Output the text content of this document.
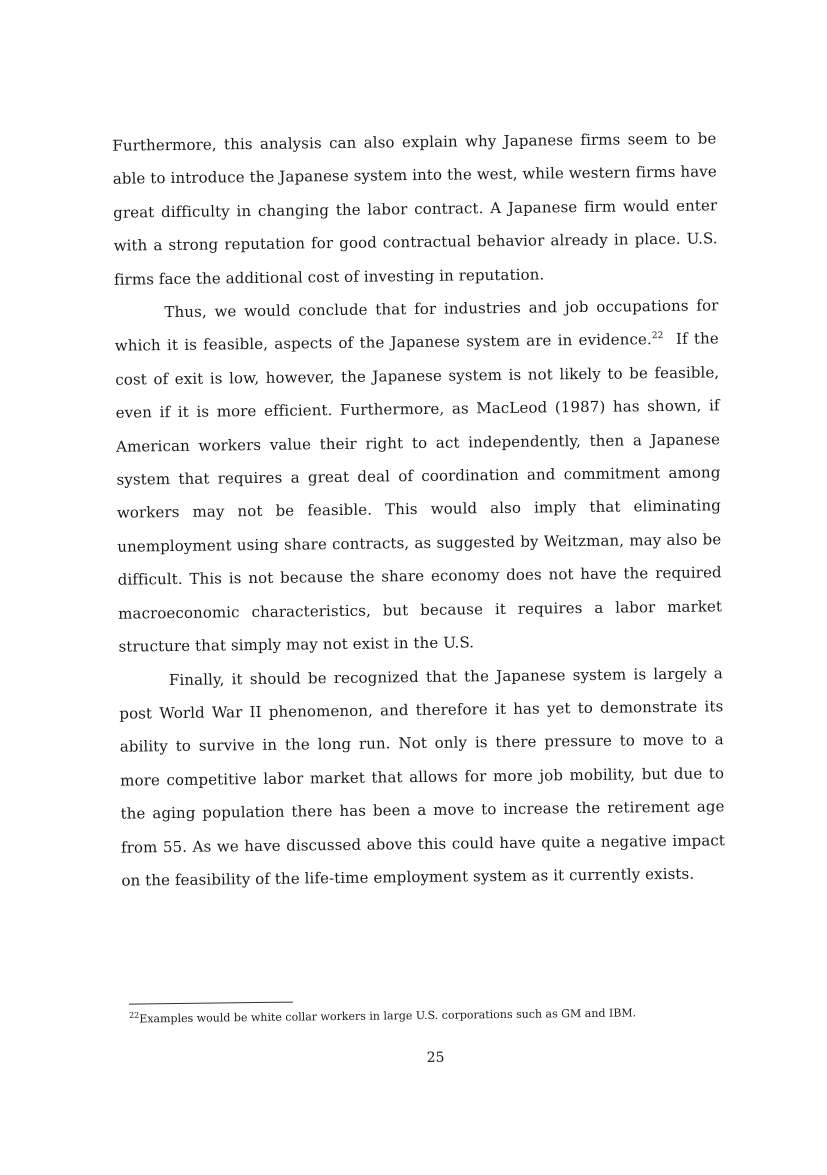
Furthermore, this analysis can also explain why Japanese firms seem to be able to introduce the Japanese system into the west, while western firms have great difficulty in changing the labor contract. A Japanese firm would enter with a strong reputation for good contractual behavior already in place. U.S. firms face the additional cost of investing in reputation.

Thus, we would conclude that for industries and job occupations for which it is feasible, aspects of the Japanese system are in evidence.$^{22}$ If the cost of exit is low, however, the Japanese system is not likely to be feasible, even if it is more efficient. Furthermore, as MacLeod (1987) has shown, if American workers value their right to act independently, then a Japanese system that requires a great deal of coordination and commitment among workers may not be feasible. This would also imply that eliminating unemployment using share contracts, as suggested by Weitzman, may also be difficult. This is not because the share economy does not have the required macroeconomic characteristics, but because it requires a labor market structure that simply may not exist in the U.S.

Finally, it should be recognized that the Japanese system is largely a post World War II phenomenon, and therefore it has yet to demonstrate its ability to survive in the long run. Not only is there pressure to move to a more competitive labor market that allows for more job mobility, but due to the aging population there has been a move to increase the retirement age from 55. As we have discussed above this could have quite a negative impact on the feasibility of the life-time employment system as it currently exists.

$^{22}$Examples would be white collar workers in large U.S. corporations such as GM and IBM.

25
